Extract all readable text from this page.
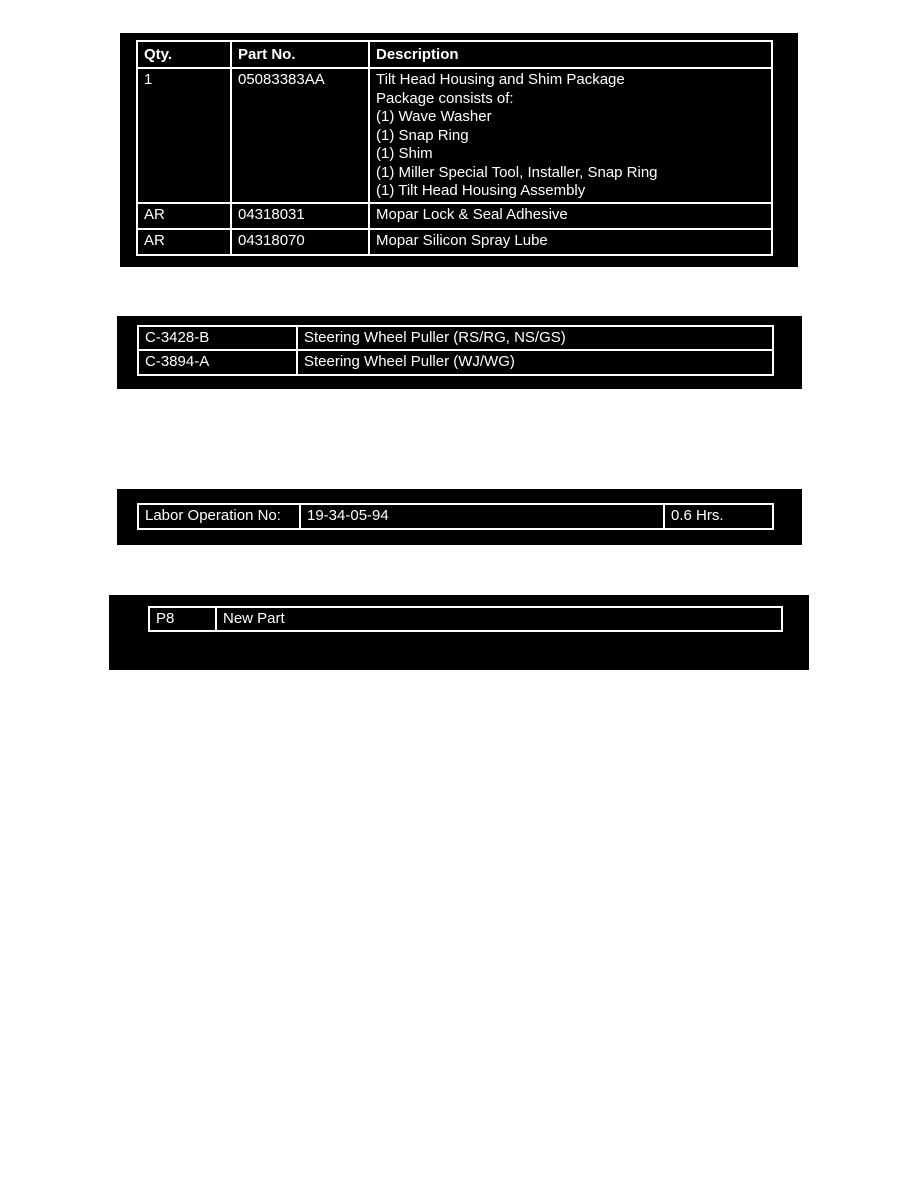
Qty.	Part No.	Description
1	05083383AA	Tilt Head Housing and Shim Package
Package consists of:
(1) Wave Washer
(1) Snap Ring
(1) Shim
(1) Miller Special Tool, Installer, Snap Ring
(1) Tilt Head Housing Assembly
AR	04318031	Mopar Lock & Seal Adhesive
AR	04318070	Mopar Silicon Spray Lube
C-3428-B	Steering Wheel Puller (RS/RG, NS/GS)
C-3894-A	Steering Wheel Puller (WJ/WG)
Labor Operation No:	19-34-05-94	0.6 Hrs.
P8	New Part
